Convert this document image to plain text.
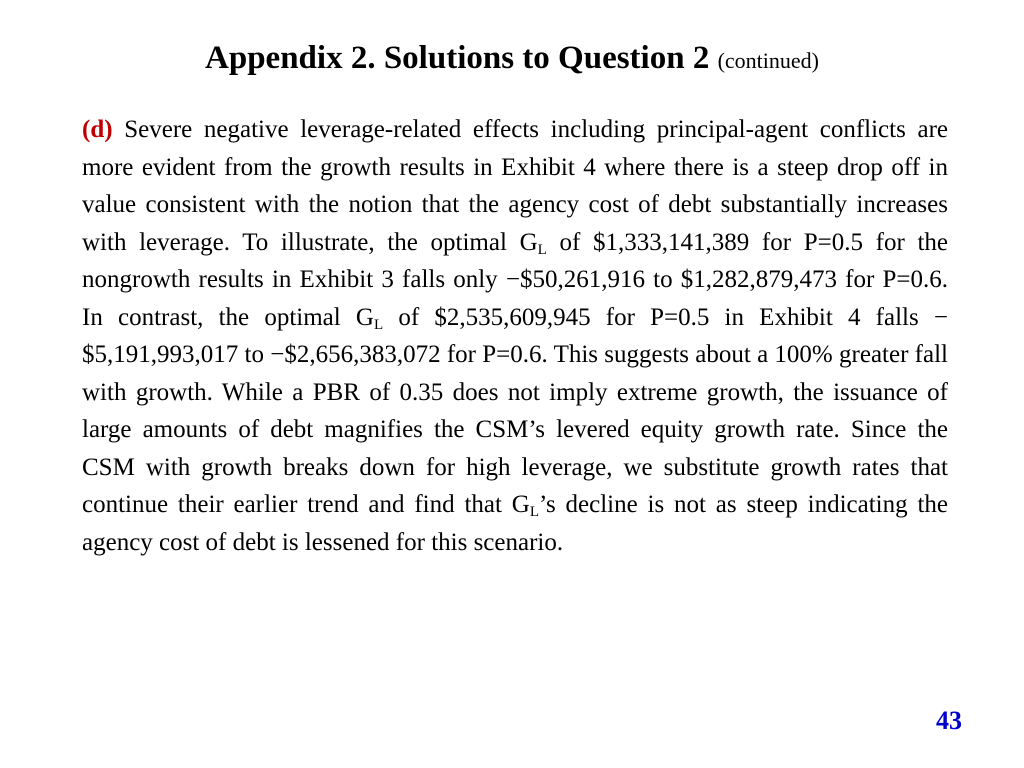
Appendix 2. Solutions to Question 2 (continued)
(d) Severe negative leverage-related effects including principal-agent conflicts are more evident from the growth results in Exhibit 4 where there is a steep drop off in value consistent with the notion that the agency cost of debt substantially increases with leverage. To illustrate, the optimal GL of $1,333,141,389 for P=0.5 for the nongrowth results in Exhibit 3 falls only −$50,261,916 to $1,282,879,473 for P=0.6. In contrast, the optimal GL of $2,535,609,945 for P=0.5 in Exhibit 4 falls −$5,191,993,017 to −$2,656,383,072 for P=0.6. This suggests about a 100% greater fall with growth. While a PBR of 0.35 does not imply extreme growth, the issuance of large amounts of debt magnifies the CSM’s levered equity growth rate. Since the CSM with growth breaks down for high leverage, we substitute growth rates that continue their earlier trend and find that GL’s decline is not as steep indicating the agency cost of debt is lessened for this scenario.
43
